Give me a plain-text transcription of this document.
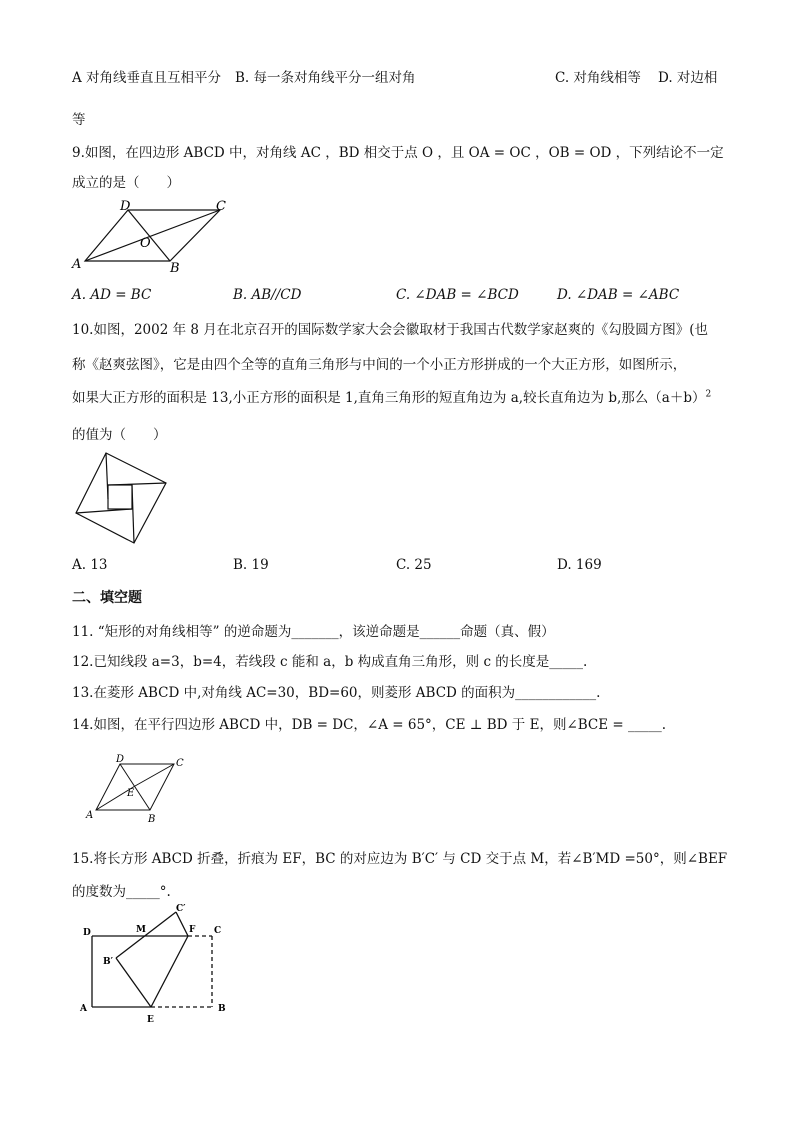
A 对角线垂直且互相平分 B. 每一条对角线平分一组对角	C. 对角线相等 D. 对边相
等
9.如图，在四边形 ABCD 中，对角线 AC ，BD 相交于点 O ，且 OA = OC ，OB = OD ，下列结论不一定
成立的是（　　）
A	B
C
D
O
A. AD = BC	B. AB//CD	C. ∠DAB = ∠BCD	D. ∠DAB = ∠ABC
10.如图，2002 年 8 月在北京召开的国际数学家大会会徽取材于我国古代数学家赵爽的《勾股圆方图》(也
称《赵爽弦图》，它是由四个全等的直角三角形与中间的一个小正方形拼成的一个大正方形，如图所示，
如果大正方形的面积是 13,小正方形的面积是 1,直角三角形的短直角边为 a,较长直角边为 b,那么$(a+b)^2$
的值为（　　）
A. 13	B. 19	C. 25	D. 169
二、填空题
11. “矩形的对角线相等” 的逆命题为_______，该逆命题是______命题（真、假）
12.已知线段 a=3，b=4，若线段 c 能和 a，b 构成直角三角形，则 c 的长度是_____.
13.在菱形 ABCD 中,对角线 AC=30，BD=60，则菱形 ABCD 的面积为____________.
14.如图，在平行四边形 ABCD 中，DB = DC，∠A = 65°，CE ⊥ BD 于 E，则∠BCE = _____.
A	B
C
D
E
15.将长方形 ABCD 折叠，折痕为 EF，BC 的对应边为 B′C′ 与 CD 交于点 M，若∠B′MD =50°，则∠BEF
的度数为_____°.
A	B
C
D
E
F
M
B′
C′
